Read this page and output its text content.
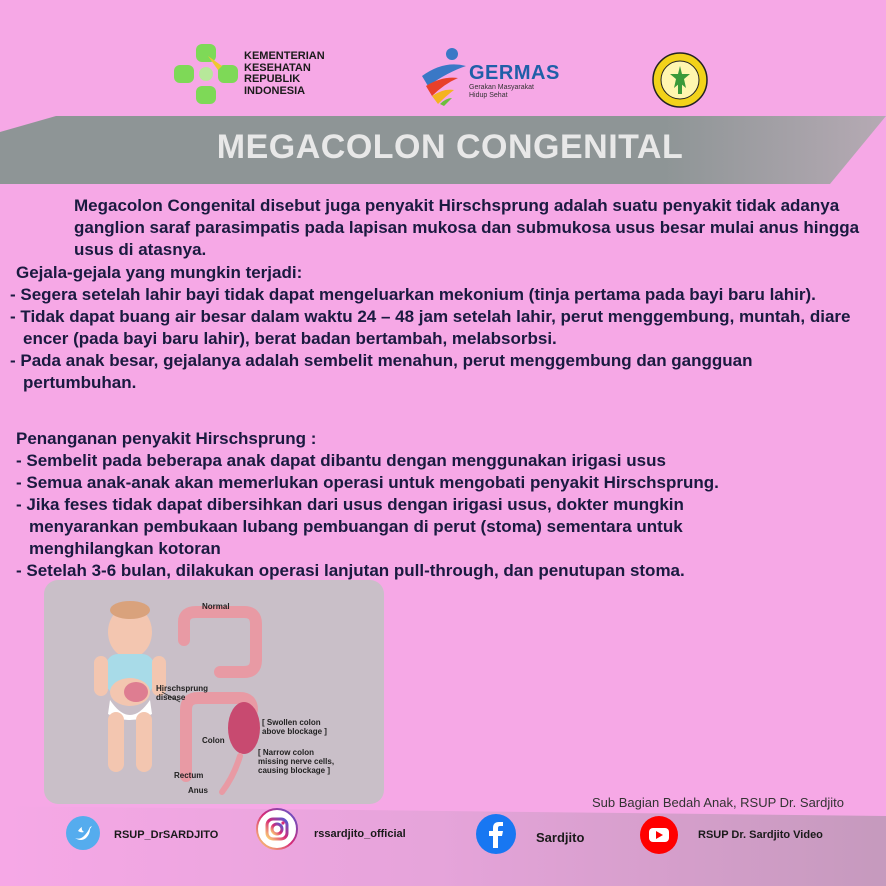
KEMENTERIAN
KESEHATAN
REPUBLIK
INDONESIA
GERMAS
Gerakan Masyarakat
Hidup Sehat
MEGACOLON CONGENITAL
Megacolon Congenital disebut juga penyakit Hirschsprung adalah suatu penyakit tidak adanya ganglion saraf parasimpatis pada lapisan mukosa dan submukosa usus besar mulai anus hingga usus di atasnya.
Gejala-gejala yang mungkin terjadi:
- Segera setelah lahir bayi tidak dapat mengeluarkan mekonium (tinja pertama pada bayi baru lahir).
- Tidak dapat buang air besar dalam waktu 24 – 48 jam setelah lahir, perut menggembung, muntah, diare encer (pada bayi baru lahir), berat badan bertambah, melabsorbsi.
- Pada anak besar, gejalanya adalah sembelit menahun, perut menggembung dan gangguan pertumbuhan.
Penanganan penyakit Hirschsprung :
- Sembelit pada beberapa anak dapat dibantu dengan menggunakan irigasi usus
- Semua anak-anak akan memerlukan operasi untuk mengobati penyakit Hirschsprung.
- Jika feses tidak dapat dibersihkan dari usus dengan irigasi usus, dokter mungkin menyarankan pembukaan lubang pembuangan di perut (stoma) sementara untuk menghilangkan kotoran
- Setelah 3-6 bulan, dilakukan operasi lanjutan pull-through, dan penutupan stoma.
Normal
Hirschsprung
disease
Colon
Rectum
Anus
[ Swollen colon
above blockage ]
[ Narrow colon
missing nerve cells,
causing blockage ]
Sub Bagian Bedah Anak, RSUP Dr. Sardjito
RSUP_DrSARDJITO	rssardjito_official	Sardjito	RSUP Dr. Sardjito Video
